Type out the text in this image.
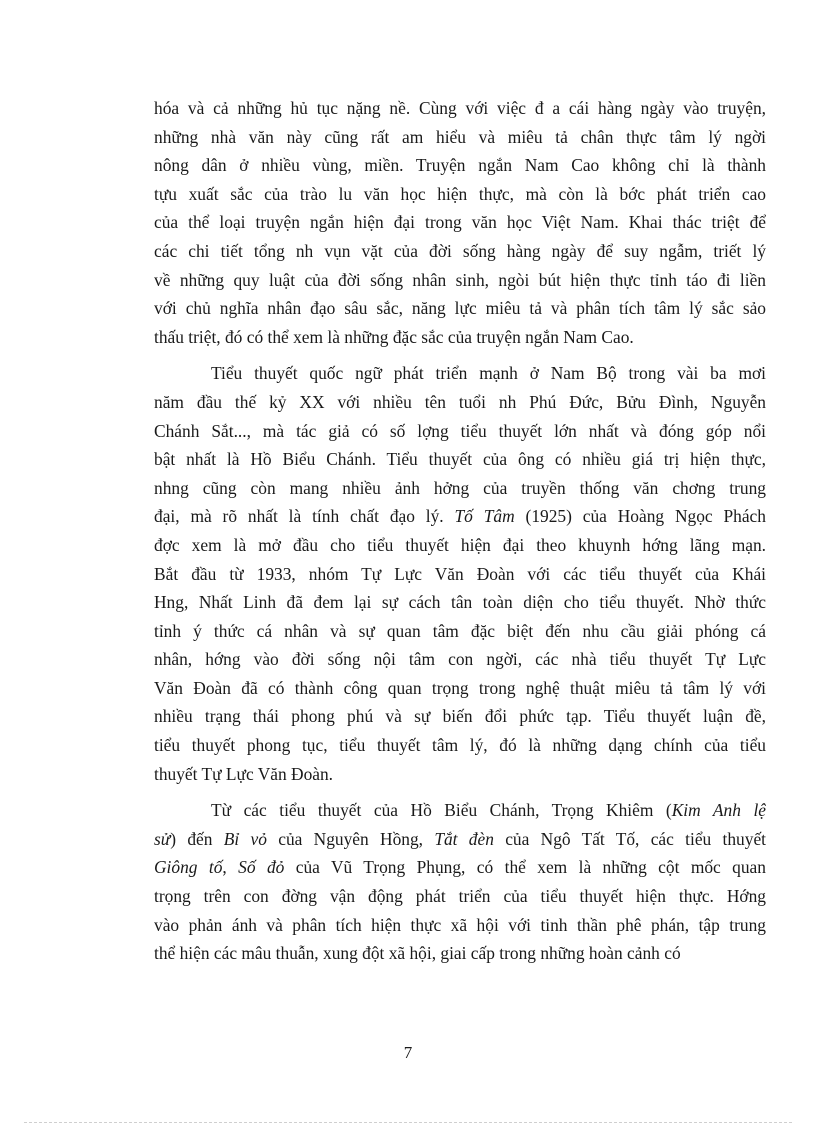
hóa và cả những hủ tục nặng nề. Cùng với việc đ a cái hàng ngày vào truyện,
những nhà văn này cũng rất am hiểu và miêu tả chân thực tâm lý ngời
nông dân ở nhiều vùng, miền. Truyện ngắn Nam Cao không chỉ là thành
tựu xuất sắc của trào lu văn học hiện thực, mà còn là bớc phát triển cao
của thể loại truyện ngắn hiện đại trong văn học Việt Nam. Khai thác triệt để
các chi tiết tổng nh vụn vặt của đời sống hàng ngày để suy ngẫm, triết lý
về những quy luật của đời sống nhân sinh, ngòi bút hiện thực tỉnh táo đi liền
với chủ nghĩa nhân đạo sâu sắc, năng lực miêu tả và phân tích tâm lý sắc sảo
thấu triệt, đó có thể xem là những đặc sắc của truyện ngắn Nam Cao.
Tiểu thuyết quốc ngữ phát triển mạnh ở Nam Bộ trong vài ba mơi
năm đầu thế kỷ XX với nhiều tên tuổi nh Phú Đức, Bửu Đình, Nguyễn
Chánh Sắt..., mà tác giả có số lợng tiểu thuyết lớn nhất và đóng góp nổi
bật nhất là Hồ Biểu Chánh. Tiểu thuyết của ông có nhiều giá trị hiện thực,
nhng cũng còn mang nhiều ảnh hởng của truyền thống văn chơng trung
đại, mà rõ nhất là tính chất đạo lý. Tố Tâm (1925) của Hoàng Ngọc Phách
đợc xem là mở đầu cho tiểu thuyết hiện đại theo khuynh hớng lãng mạn.
Bắt đầu từ 1933, nhóm Tự Lực Văn Đoàn với các tiểu thuyết của Khái
Hng, Nhất Linh đã đem lại sự cách tân toàn diện cho tiểu thuyết. Nhờ thức
tỉnh ý thức cá nhân và sự quan tâm đặc biệt đến nhu cầu giải phóng cá
nhân, hớng vào đời sống nội tâm con ngời, các nhà tiểu thuyết Tự Lực
Văn Đoàn đã có thành công quan trọng trong nghệ thuật miêu tả tâm lý với
nhiều trạng thái phong phú và sự biến đổi phức tạp. Tiểu thuyết luận đề,
tiểu thuyết phong tục, tiểu thuyết tâm lý, đó là những dạng chính của tiểu
thuyết Tự Lực Văn Đoàn.
Từ các tiểu thuyết của Hồ Biểu Chánh, Trọng Khiêm (Kim Anh lệ
sử) đến Bỉ vỏ của Nguyên Hồng, Tắt đèn của Ngô Tất Tố, các tiểu thuyết
Giông tố, Số đỏ của Vũ Trọng Phụng, có thể xem là những cột mốc quan
trọng trên con đờng vận động phát triển của tiểu thuyết hiện thực. Hớng
vào phản ánh và phân tích hiện thực xã hội với tinh thần phê phán, tập trung
thể hiện các mâu thuẫn, xung đột xã hội, giai cấp trong những hoàn cảnh có
7
